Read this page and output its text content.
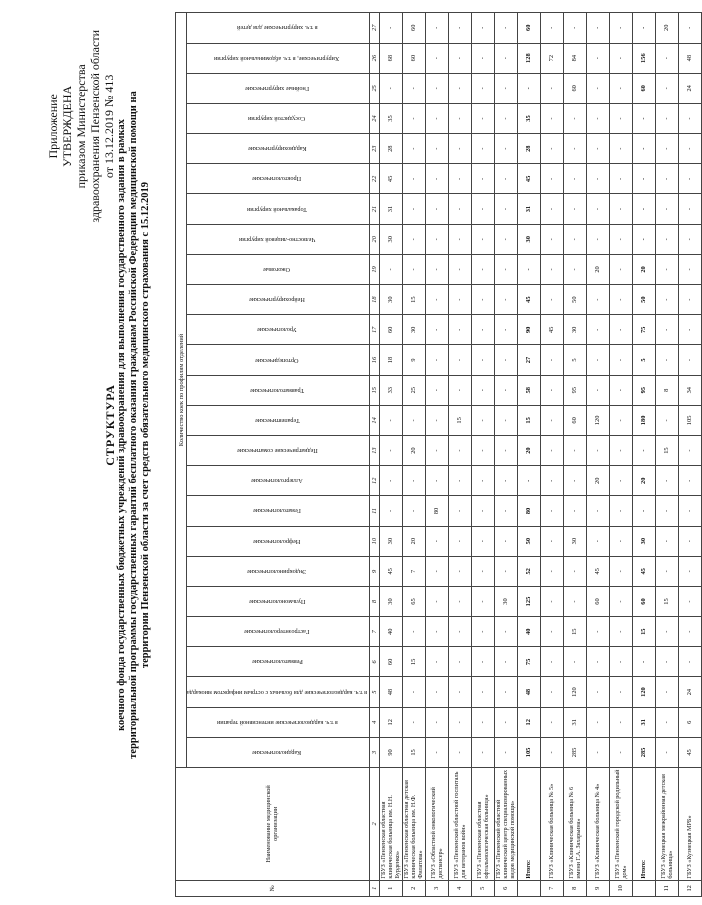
Приложение УТВЕРЖДЕНА приказом Министерства здравоохранения Пензенской области от 13.12.2019 № 413
СТРУКТУРА коечного фонда государственных бюджетных учреждений здравоохранения для выполнения государственного задания в рамках территориальной программы государственных гарантий бесплатного оказания гражданам Российской Федерации медицинской помощи на территории Пензенской области за счет средств обязательного медицинского страхования с 15.12.2019
№	Наименование медицинской организации	Количество коек по профилям отделений																								
		Кардиологические	в т.ч. кардиологические интенсивной терапии	в т.ч. кардиологические для больных с острым инфарктом миокарда	Ревматологические	Гастроэнтерологические	Пульмонологические	Эндокринологические	Нефрологические	Гематологические	Аллергологические	Педиатрические соматические	Терапевтические	Травматологические	Ортопедические	Урологические	Нейрохирургические	Ожоговые	Челюстно-лицевой хирургии	Торакальной хирургии	Проктологические	Кардиохирургические	Сосудистой хирургии	Гнойные хирургические	Хирургические, в т.ч. абдоминальной хирургии	в т.ч. хирургические для детей
1	2	3	4	5	6	7	8	9	10	11	12	13	14	15	16	17	18	19	20	21	22	23	24	25	26	27
1	ГБУЗ «Пензенская областная клиническая больница им. Н.Н. Бурденко»	90	12	48	60	40	30	45	30	-	-	-	-	33	18	60	30	-	30	31	45	28	35	-	68	-
2	ГБУЗ «Пензенская областная детская клиническая больница им. Н.Ф. Филатова»	15	-	-	15	-	65	7	20	-	-	20	-	25	9	30	15	-	-	-	-	-	-	-	60	60
3	ГБУЗ «Областной онкологический диспансер»	-	-	-	-	-	-	-	-	80	-	-	-	-	-	-	-	-	-	-	-	-	-	-	-	-
4	ГБУЗ «Пензенский областной госпиталь для ветеранов войн»	-	-	-	-	-	-	-	-	-	-	-	15	-	-	-	-	-	-	-	-	-	-	-	-	-
5	ГБУЗ «Пензенская областная офтальмологическая больница»	-	-	-	-	-	-	-	-	-	-	-	-	-	-	-	-	-	-	-	-	-	-	-	-	-
6	ГБУЗ «Пензенский областной клинический центр специализированных видов медицинской помощи»	-	-	-	-	-	30	-	-	-	-	-	-	-	-	-	-	-	-	-	-	-	-	-	-	-
	Итого:	105	12	48	75	40	125	52	50	80	-	20	15	58	27	90	45	-	30	31	45	28	35	-	128	60
7	ГБУЗ «Клиническая больница № 5»	-	-	-	-	-	-	-	-	-	-	-	-	-	-	45	-	-	-	-	-	-	-	-	72	-
8	ГБУЗ «Клиническая больница № 6 имени Г.А. Захарьина»	285	31	120	-	15	-	-	30	-	-	-	60	95	5	30	50	-	-	-	-	-	-	60	84	-
9	ГБУЗ «Клиническая больница № 4»	-	-	-	-	-	60	45	-	-	20	-	120	-	-	-	-	20	-	-	-	-	-	-	-	-
10	ГБУЗ «Пензенский городской родильный дом»	-	-	-	-	-	-	-	-	-	-	-	-	-	-	-	-	-	-	-	-	-	-	-	-	-
	Итого:	285	31	120	-	15	60	45	30	-	20	-	180	95	5	75	50	20	-	-	-	-	-	60	156	-
11	ГБУЗ «Кузнецкая межрайонная детская больница»	-	-	-	-	-	15	-	-	-	-	15	-	8	-	-	-	-	-	-	-	-	-	-	-	20
12	ГБУЗ «Кузнецкая МРБ»	45	6	24	-	-	-	-	-	-	-	-	105	34	-	-	-	-	-	-	-	-	-	24	48	-
